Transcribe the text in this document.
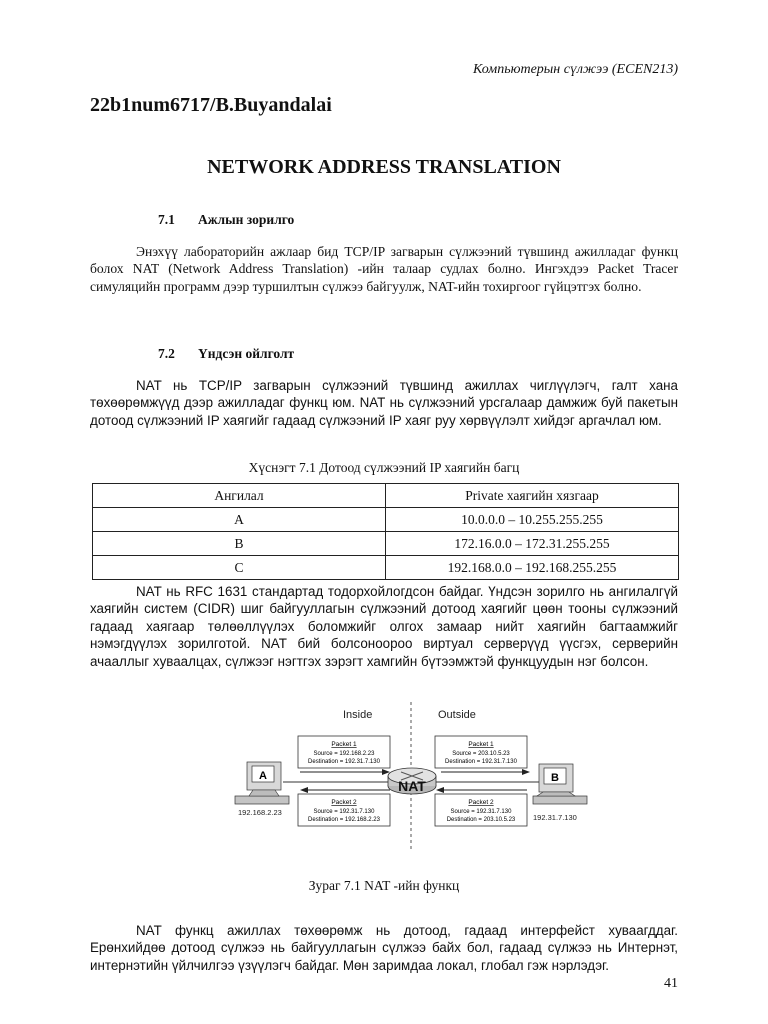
Компьютерын сүлжээ (ECEN213)
22b1num6717/B.Buyandalai
NETWORK ADDRESS TRANSLATION
7.1 Ажлын зорилго
Энэхүү лабораторийн ажлаар бид TCP/IP загварын сүлжээний түвшинд ажилладаг функц болох NAT (Network Address Translation) -ийн талаар судлах болно. Ингэхдээ Packet Tracer симуляцийн программ дээр туршилтын сүлжээ байгуулж, NAT-ийн тохиргоог гүйцэтгэх болно.
7.2 Үндсэн ойлголт
NAT нь TCP/IP загварын сүлжээний түвшинд ажиллах чиглүүлэгч, галт хана төхөөрөмжүүд дээр ажилладаг функц юм. NAT нь сүлжээний урсгалаар дамжиж буй пакетын дотоод сүлжээний IP хаягийг гадаад сүлжээний IP хаяг руу хөрвүүлэлт хийдэг аргачлал юм.
Хүснэгт 7.1 Дотоод сүлжээний IP хаягийн багц
Ангилал	Private хаягийн хязгаар
A	10.0.0.0 – 10.255.255.255
B	172.16.0.0 – 172.31.255.255
C	192.168.0.0 – 192.168.255.255
NAT нь RFC 1631 стандартад тодорхойлогдсон байдаг. Үндсэн зорилго нь ангилалгүй хаягийн систем (CIDR) шиг байгууллагын сүлжээний дотоод хаягийг цөөн тооны сүлжээний гадаад хаягаар төлөөллүүлэх боломжийг олгох замаар нийт хаягийн багтаамжийг нэмэгдүүлэх зорилготой. NAT бий болсоноороо виртуал серверүүд үүсгэх, серверийн ачааллыг хуваалцах, сүлжээг нэгтгэх зэрэгт хамгийн бүтээмжтэй функцуудын нэг болсон.
Inside	Outside
Packet 1
Source = 192.168.2.23
Destination = 192.31.7.130
Packet 1
Source = 203.10.5.23
Destination = 192.31.7.130
Packet 2
Source = 192.31.7.130
Destination = 192.168.2.23
Packet 2
Source = 192.31.7.130
Destination = 203.10.5.23
NAT
A
192.168.2.23
B
192.31.7.130
Зураг 7.1 NAT -ийн функц
NAT функц ажиллах төхөөрөмж нь дотоод, гадаад интерфейст хуваагддаг. Ерөнхийдөө дотоод сүлжээ нь байгууллагын сүлжээ байх бол, гадаад сүлжээ нь Интернэт, интернэтийн үйлчилгээ үзүүлэгч байдаг. Мөн заримдаа локал, глобал гэж нэрлэдэг.
41
